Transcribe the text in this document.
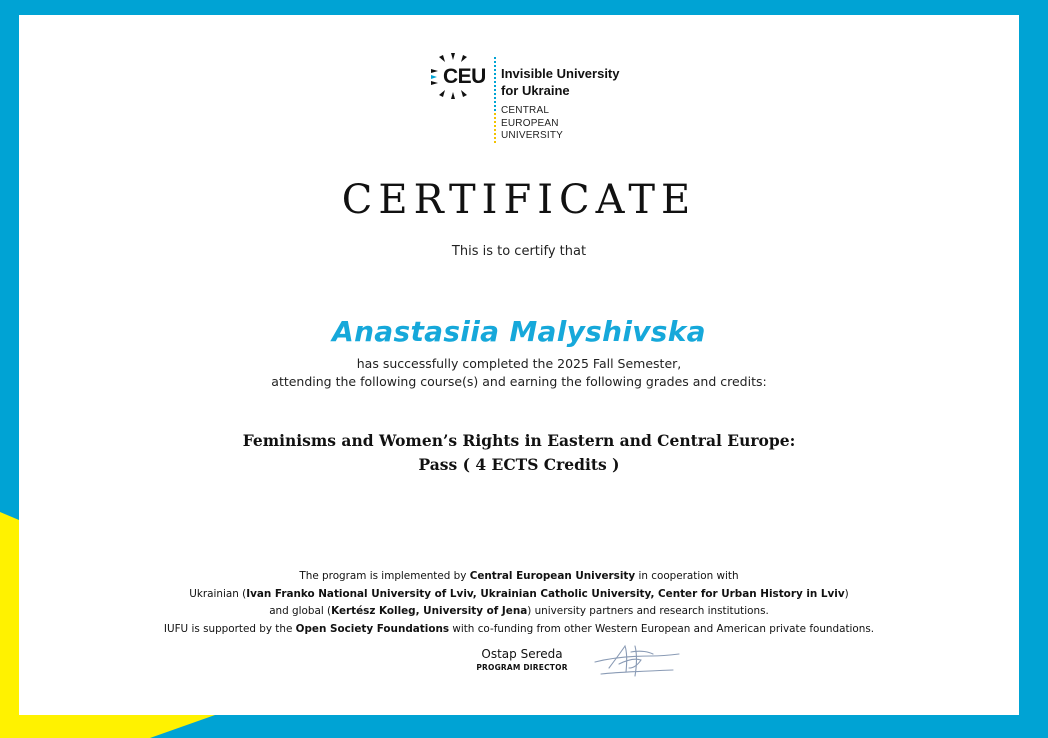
CEU Invisible University
for Ukraine
CENTRAL
EUROPEAN
UNIVERSITY
CERTIFICATE
This is to certify that
Anastasiia Malyshivska
has successfully completed the 2025 Fall Semester,
attending the following course(s) and earning the following grades and credits:
Feminisms and Women’s Rights in Eastern and Central Europe:
Pass ( 4 ECTS Credits )
The program is implemented by Central European University in cooperation with
Ukrainian (Ivan Franko National University of Lviv, Ukrainian Catholic University, Center for Urban History in Lviv)
and global (Kertész Kolleg, University of Jena) university partners and research institutions.
IUFU is supported by the Open Society Foundations with co-funding from other Western European and American private foundations.
Ostap Sereda
PROGRAM DIRECTOR
